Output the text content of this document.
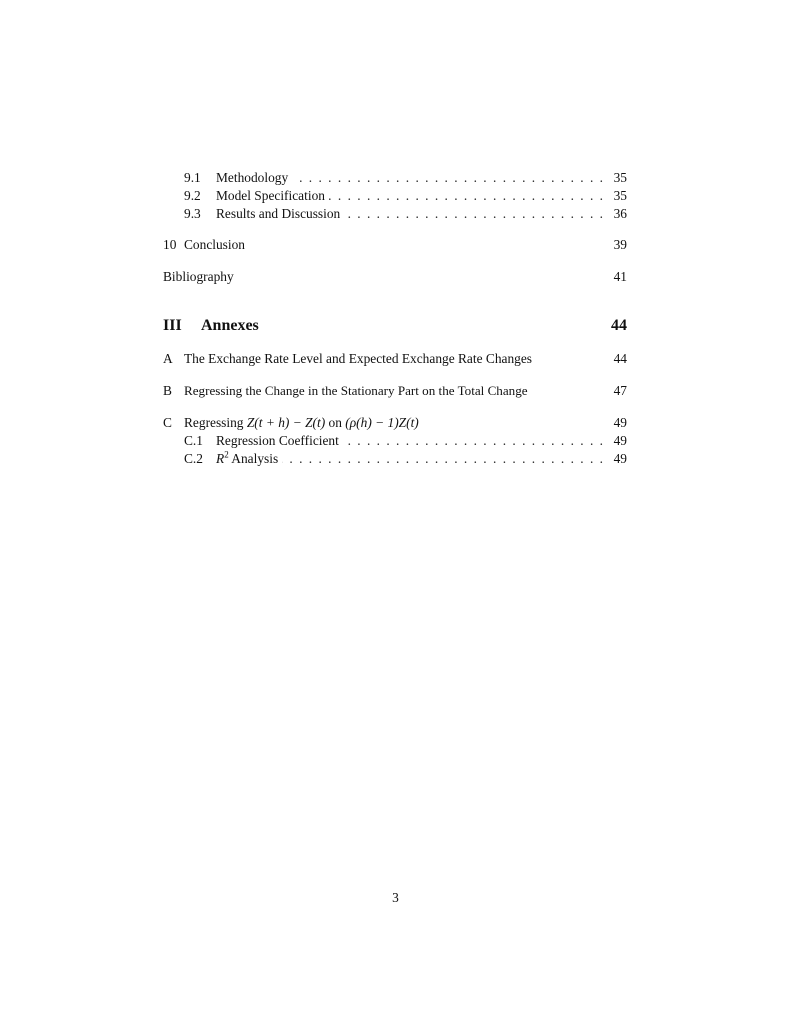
9.1	Methodology . . .	35
9.2	Model Specification . . .	35
9.3	Results and Discussion . . .	36
10 Conclusion	39
Bibliography	41
III	Annexes	44
A The Exchange Rate Level and Expected Exchange Rate Changes	44
B Regressing the Change in the Stationary Part on the Total Change	47
C Regressing Z(t + h) − Z(t) on (ρ(h) − 1)Z(t)	49
C.1 Regression Coefficient . . .	49
C.2 $R^2$ Analysis . . .	49
3
